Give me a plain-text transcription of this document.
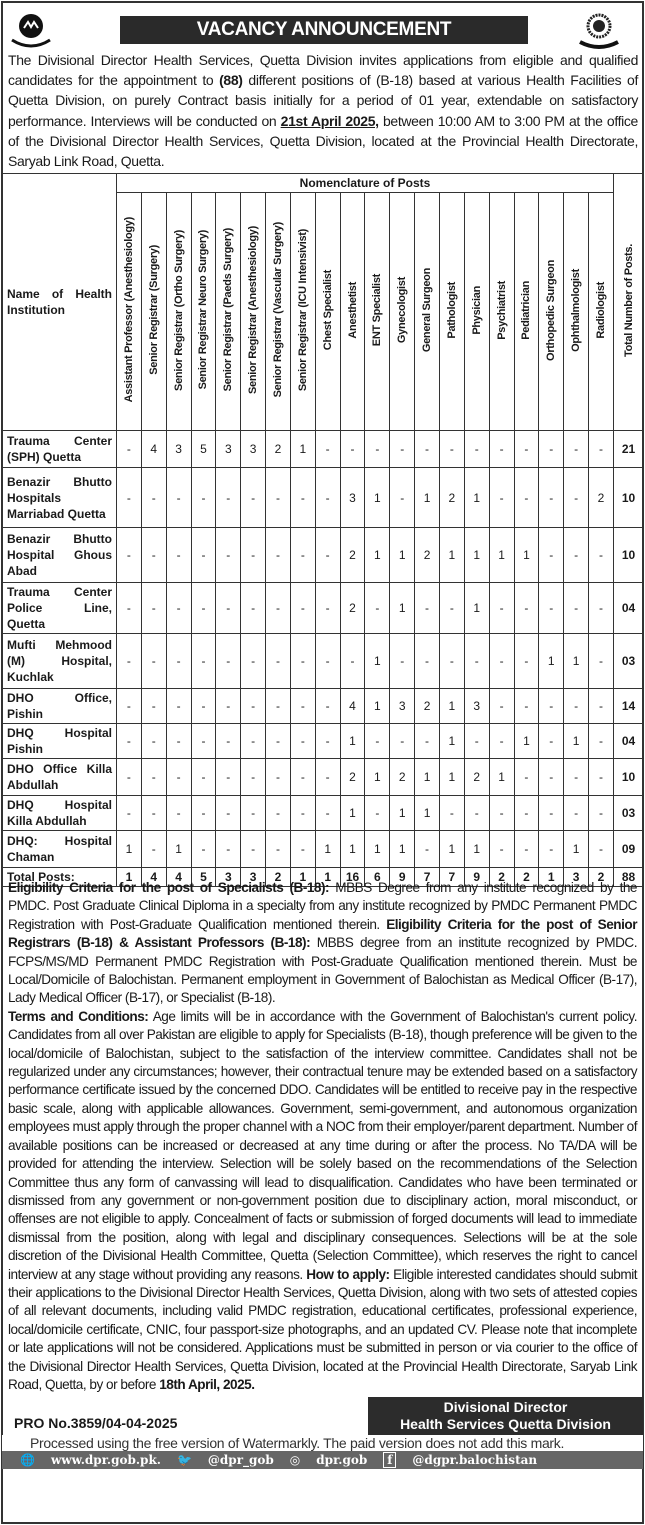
VACANCY ANNOUNCEMENT
The Divisional Director Health Services, Quetta Division invites applications from eligible and qualified candidates for the appointment to (88) different positions of (B-18) based at various Health Facilities of Quetta Division, on purely Contract basis initially for a period of 01 year, extendable on satisfactory performance. Interviews will be conducted on 21st April 2025, between 10:00 AM to 3:00 PM at the office of the Divisional Director Health Services, Quetta Division, located at the Provincial Health Directorate, Saryab Link Road, Quetta.
Name of Health Institution	Nomenclature of Posts																				Total Number of Posts.
	Assistant Professor (Anesthesiology)	Senior Registrar (Surgery)	Senior Registrar (Ortho Surgery)	Senior Registrar Neuro Surgery)	Senior Registrar (Paeds Surgery)	Senior Registrar (Anesthesiology)	Senior Registrar (Vascular Surgery)	Senior Registrar (ICU Intensivist)	Chest Specialist	Anesthetist	ENT Specialist	Gynecologist	General Surgeon	Pathologist	Physician	Psychiatrist	Pediatrician	Orthopedic Surgeon	Ophthalmologist	Radiologist	
Trauma Center (SPH) Quetta	-	4	3	5	3	3	2	1	-	-	-	-	-	-	-	-	-	-	-	-	21
Benazir Bhutto Hospitals Marriabad Quetta	-	-	-	-	-	-	-	-	-	3	1	-	1	2	1	-	-	-	-	2	10
Benazir Bhutto Hospital Ghous Abad	-	-	-	-	-	-	-	-	-	2	1	1	2	1	1	1	1	-	-	-	10
Trauma Center Police Line, Quetta	-	-	-	-	-	-	-	-	-	2	-	1	-	-	1	-	-	-	-	-	04
Mufti Mehmood (M) Hospital, Kuchlak	-	-	-	-	-	-	-	-	-	-	1	-	-	-	-	-	-	1	1	-	03
DHO Office, Pishin	-	-	-	-	-	-	-	-	-	4	1	3	2	1	3	-	-	-	-	-	14
DHQ Hospital Pishin	-	-	-	-	-	-	-	-	-	1	-	-	-	1	-	-	1	-	1	-	04
DHO Office Killa Abdullah	-	-	-	-	-	-	-	-	-	2	1	2	1	1	2	1	-	-	-	-	10
DHQ Hospital Killa Abdullah	-	-	-	-	-	-	-	-	-	1	-	1	1	-	-	-	-	-	-	-	03
DHQ: Hospital Chaman	1	-	1	-	-	-	-	-	1	1	1	1	-	1	1	-	-	-	1	-	09
Total Posts:	1	4	4	5	3	3	2	1	1	16	6	9	7	7	9	2	2	1	3	2	88
Eligibility Criteria for the post of Specialists (B-18): MBBS Degree from any institute recognized by the PMDC. Post Graduate Clinical Diploma in a specialty from any institute recognized by PMDC Permanent PMDC Registration with Post-Graduate Qualification mentioned therein. Eligibility Criteria for the post of Senior Registrars (B-18) & Assistant Professors (B-18): MBBS degree from an institute recognized by PMDC. FCPS/MS/MD Permanent PMDC Registration with Post-Graduate Qualification mentioned therein. Must be Local/Domicile of Balochistan. Permanent employment in Government of Balochistan as Medical Officer (B-17), Lady Medical Officer (B-17), or Specialist (B-18).
Terms and Conditions: Age limits will be in accordance with the Government of Balochistan's current policy. Candidates from all over Pakistan are eligible to apply for Specialists (B-18), though preference will be given to the local/domicile of Balochistan, subject to the satisfaction of the interview committee. Candidates shall not be regularized under any circumstances; however, their contractual tenure may be extended based on a satisfactory performance certificate issued by the concerned DDO. Candidates will be entitled to receive pay in the respective basic scale, along with applicable allowances. Government, semi-government, and autonomous organization employees must apply through the proper channel with a NOC from their employer/parent department. Number of available positions can be increased or decreased at any time during or after the process. No TA/DA will be provided for attending the interview. Selection will be solely based on the recommendations of the Selection Committee thus any form of canvassing will lead to disqualification. Candidates who have been terminated or dismissed from any government or non-government position due to disciplinary action, moral misconduct, or offenses are not eligible to apply. Concealment of facts or submission of forged documents will lead to immediate dismissal from the position, along with legal and disciplinary consequences. Selections will be at the sole discretion of the Divisional Health Committee, Quetta (Selection Committee), which reserves the right to cancel interview at any stage without providing any reasons. How to apply: Eligible interested candidates should submit their applications to the Divisional Director Health Services, Quetta Division, along with two sets of attested copies of all relevant documents, including valid PMDC registration, educational certificates, professional experience, local/domicile certificate, CNIC, four passport-size photographs, and an updated CV. Please note that incomplete or late applications will not be considered. Applications must be submitted in person or via courier to the office of the Divisional Director Health Services, Quetta Division, located at the Provincial Health Directorate, Saryab Link Road, Quetta, by or before 18th April, 2025.
PRO No.3859/04-04-2025
Divisional Director
Health Services Quetta Division
Processed using the free version of Watermarkly. The paid version does not add this mark.
🌐 www.dpr.gob.pk. 🐦 @dpr_gob ◎ dpr.gob	f	@dgpr.balochistan
